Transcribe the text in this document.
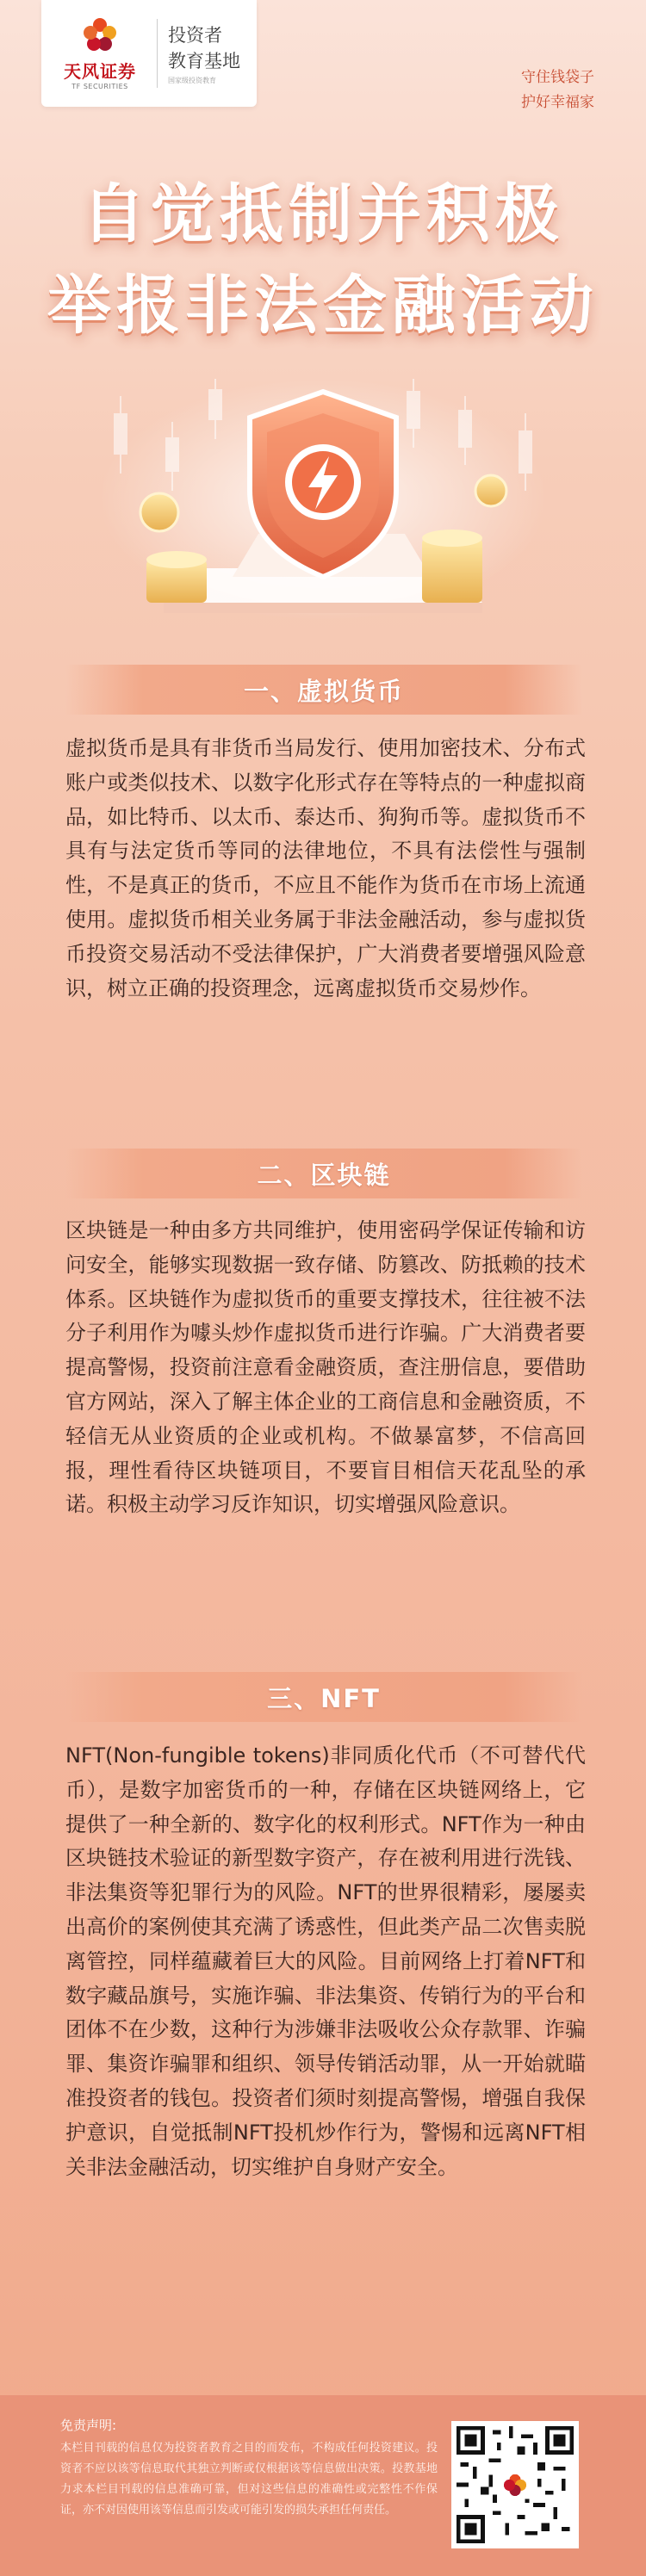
天风证券
TF SECURITIES
投资者
教育基地
国家级投资教育	守住钱袋子
护好幸福家
自觉抵制并积极
举报非法金融活动
一、虚拟货币
虚拟货币是具有非货币当局发行、使用加密技术、分布式账户或类似技术、以数字化形式存在等特点的一种虚拟商品，如比特币、以太币、泰达币、狗狗币等。虚拟货币不具有与法定货币等同的法律地位，不具有法偿性与强制性，不是真正的货币，不应且不能作为货币在市场上流通使用。虚拟货币相关业务属于非法金融活动，参与虚拟货币投资交易活动不受法律保护，广大消费者要增强风险意识，树立正确的投资理念，远离虚拟货币交易炒作。
二、区块链
区块链是一种由多方共同维护，使用密码学保证传输和访问安全，能够实现数据一致存储、防篡改、防抵赖的技术体系。区块链作为虚拟货币的重要支撑技术，往往被不法分子利用作为噱头炒作虚拟货币进行诈骗。广大消费者要提高警惕，投资前注意看金融资质，查注册信息，要借助官方网站，深入了解主体企业的工商信息和金融资质，不轻信无从业资质的企业或机构。不做暴富梦，不信高回报，理性看待区块链项目，不要盲目相信天花乱坠的承诺。积极主动学习反诈知识，切实增强风险意识。
三、NFT
NFT(Non-fungible tokens)非同质化代币（不可替代代币），是数字加密货币的一种，存储在区块链网络上，它提供了一种全新的、数字化的权利形式。NFT作为一种由区块链技术验证的新型数字资产，存在被利用进行洗钱、非法集资等犯罪行为的风险。NFT的世界很精彩，屡屡卖出高价的案例使其充满了诱惑性，但此类产品二次售卖脱离管控，同样蕴藏着巨大的风险。目前网络上打着NFT和数字藏品旗号，实施诈骗、非法集资、传销行为的平台和团体不在少数，这种行为涉嫌非法吸收公众存款罪、诈骗罪、集资诈骗罪和组织、领导传销活动罪，从一开始就瞄准投资者的钱包。投资者们须时刻提高警惕，增强自我保护意识，自觉抵制NFT投机炒作行为，警惕和远离NFT相关非法金融活动，切实维护自身财产安全。
免责声明:
本栏目刊载的信息仅为投资者教育之目的而发布，不构成任何投资建议。投资者不应以该等信息取代其独立判断或仅根据该等信息做出决策。投教基地力求本栏目刊载的信息准确可靠，但对这些信息的准确性或完整性不作保证，亦不对因使用该等信息而引发或可能引发的损失承担任何责任。
